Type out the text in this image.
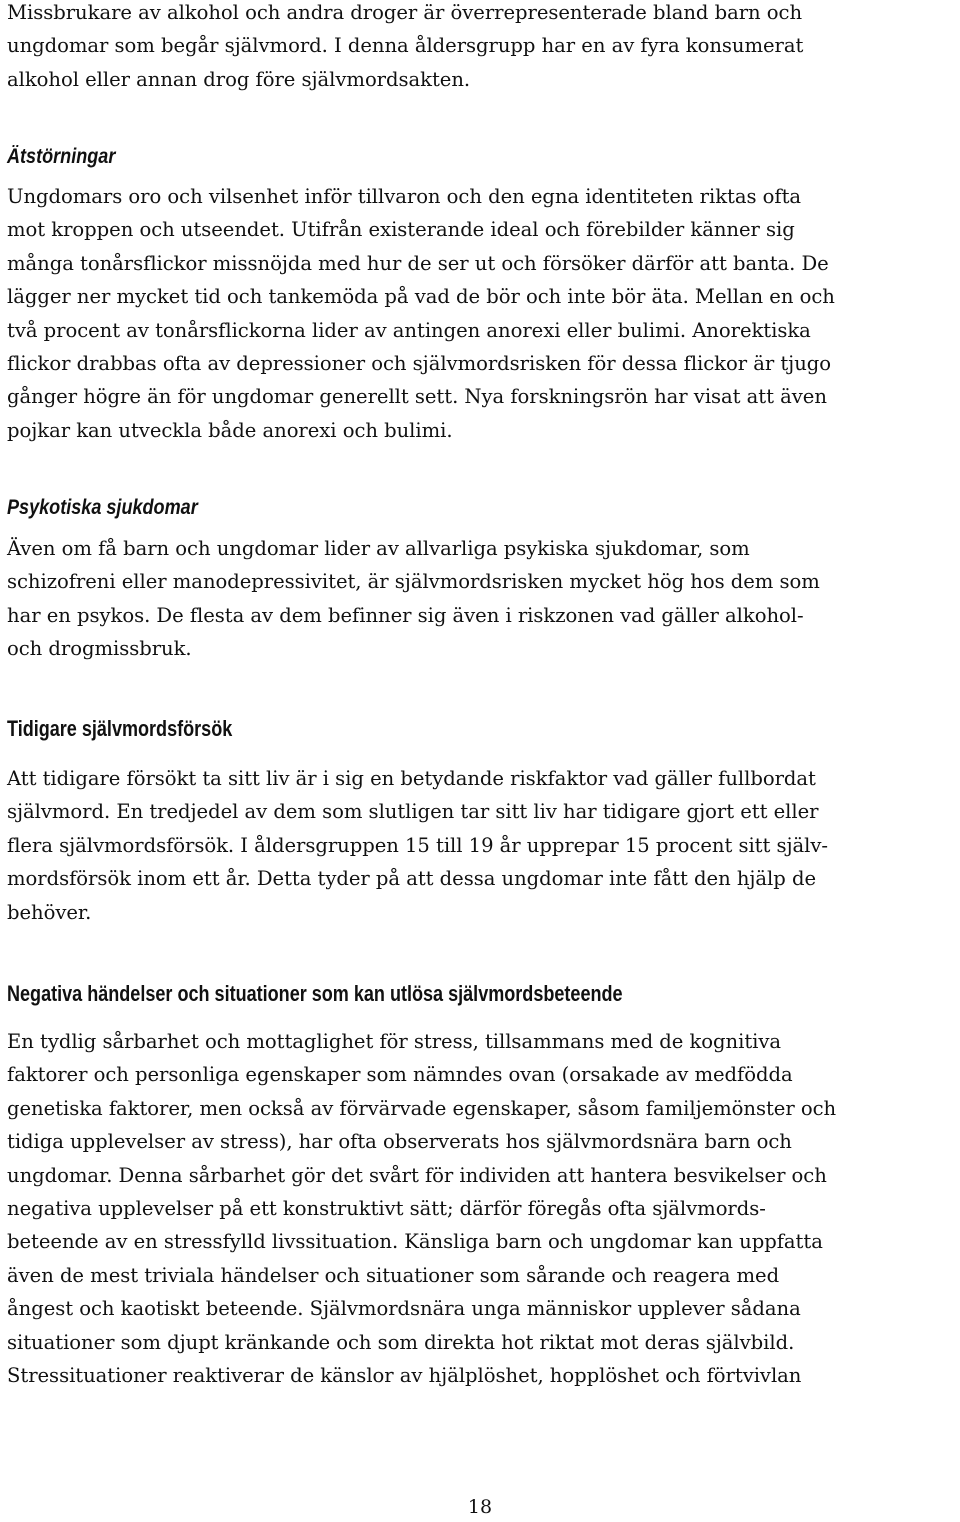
Missbrukare av alkohol och andra droger är överrepresenterade bland barn och
ungdomar som begår självmord. I denna åldersgrupp har en av fyra konsumerat
alkohol eller annan drog före självmordsakten.

Ätstörningar

Ungdomars oro och vilsenhet inför tillvaron och den egna identiteten riktas ofta
mot kroppen och utseendet. Utifrån existerande ideal och förebilder känner sig
många tonårsflickor missnöjda med hur de ser ut och försöker därför att banta. De
lägger ner mycket tid och tankemöda på vad de bör och inte bör äta. Mellan en och
två procent av tonårsflickorna lider av antingen anorexi eller bulimi. Anorektiska
flickor drabbas ofta av depressioner och självmordsrisken för dessa flickor är tjugo
gånger högre än för ungdomar generellt sett. Nya forskningsrön har visat att även
pojkar kan utveckla både anorexi och bulimi.

Psykotiska sjukdomar

Även om få barn och ungdomar lider av allvarliga psykiska sjukdomar, som
schizofreni eller manodepressivitet, är självmordsrisken mycket hög hos dem som
har en psykos. De flesta av dem befinner sig även i riskzonen vad gäller alkohol-
och drogmissbruk.

Tidigare självmordsförsök

Att tidigare försökt ta sitt liv är i sig en betydande riskfaktor vad gäller fullbordat
självmord. En tredjedel av dem som slutligen tar sitt liv har tidigare gjort ett eller
flera självmordsförsök. I åldersgruppen 15 till 19 år upprepar 15 procent sitt själv-
mordsförsök inom ett år. Detta tyder på att dessa ungdomar inte fått den hjälp de
behöver.

Negativa händelser och situationer som kan utlösa självmordsbeteende

En tydlig sårbarhet och mottaglighet för stress, tillsammans med de kognitiva
faktorer och personliga egenskaper som nämndes ovan (orsakade av medfödda
genetiska faktorer, men också av förvärvade egenskaper, såsom familjemönster och
tidiga upplevelser av stress), har ofta observerats hos självmordsnära barn och
ungdomar. Denna sårbarhet gör det svårt för individen att hantera besvikelser och
negativa upplevelser på ett konstruktivt sätt; därför föregås ofta självmords-
beteende av en stressfylld livssituation. Känsliga barn och ungdomar kan uppfatta
även de mest triviala händelser och situationer som sårande och reagera med
ångest och kaotiskt beteende. Självmordsnära unga människor upplever sådana
situationer som djupt kränkande och som direkta hot riktat mot deras självbild.
Stressituationer reaktiverar de känslor av hjälplöshet, hopplöshet och förtvivlan

18
